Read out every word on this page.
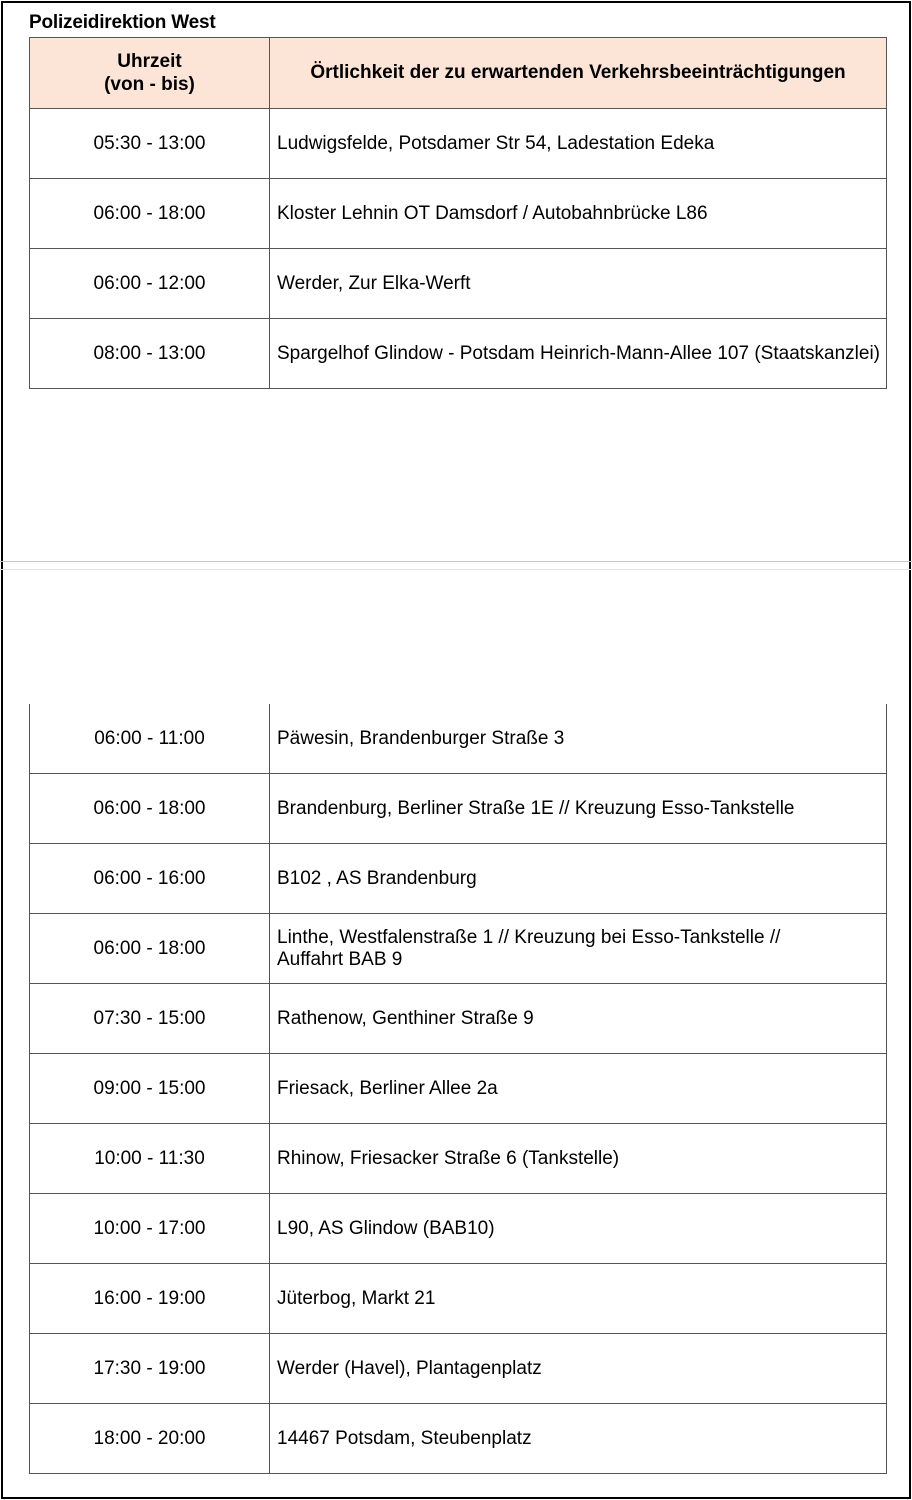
Polizeidirektion West
Uhrzeit
(von - bis)	Örtlichkeit der zu erwartenden Verkehrsbeeinträchtigungen
05:30 - 13:00	Ludwigsfelde, Potsdamer Str 54, Ladestation Edeka
06:00 - 18:00	Kloster Lehnin OT Damsdorf / Autobahnbrücke L86
06:00 - 12:00	Werder, Zur Elka-Werft
08:00 - 13:00	Spargelhof Glindow - Potsdam Heinrich-Mann-Allee 107 (Staatskanzlei)
06:00 - 11:00	Päwesin, Brandenburger Straße 3
06:00 - 18:00	Brandenburg, Berliner Straße 1E // Kreuzung Esso-Tankstelle
06:00 - 16:00	B102 , AS Brandenburg
06:00 - 18:00	Linthe, Westfalenstraße 1 // Kreuzung bei Esso-Tankstelle //
Auffahrt BAB 9

07:30 - 15:00	Rathenow, Genthiner Straße 9
09:00 - 15:00	Friesack, Berliner Allee 2a
10:00 - 11:30	Rhinow, Friesacker Straße 6 (Tankstelle)
10:00 - 17:00	L90, AS Glindow (BAB10)
16:00 - 19:00	Jüterbog, Markt 21
17:30 - 19:00	Werder (Havel), Plantagenplatz
18:00 - 20:00	14467 Potsdam, Steubenplatz
